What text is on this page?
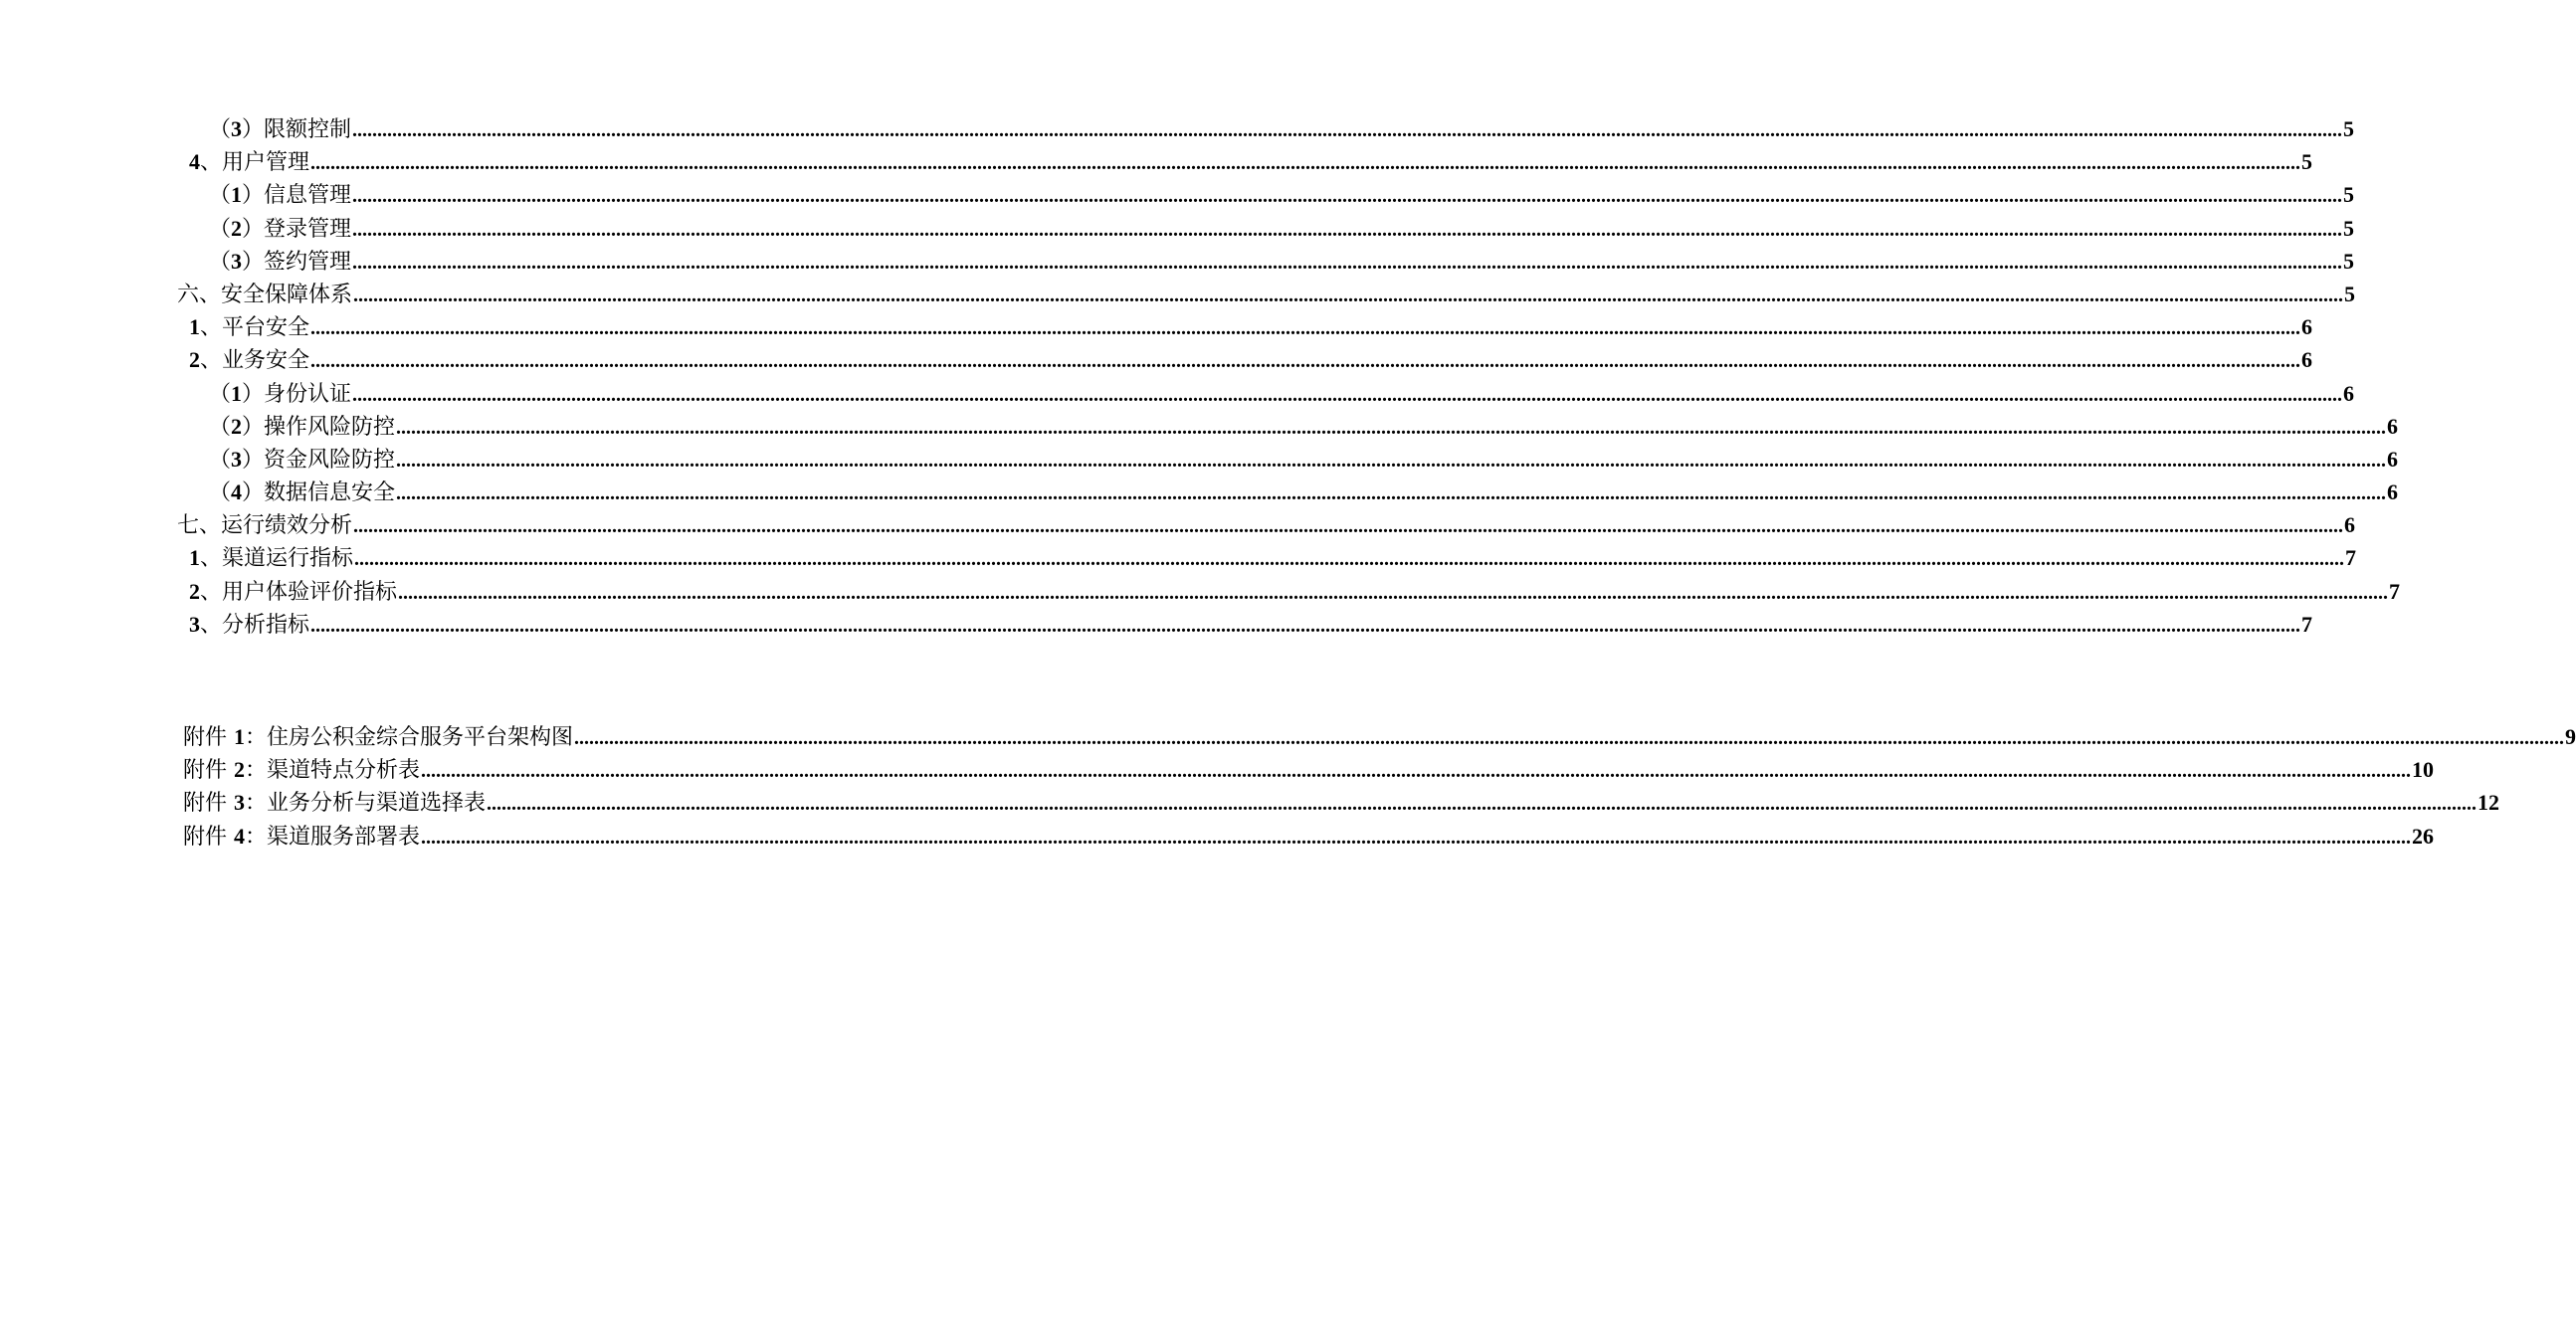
（3）限额控制 ................................................................................................................................................................................................................................................................................................................................................................................................................ 5
4、用户管理 ................................................................................................................................................................................................................................................................................................................................................................................................................ 5
（1）信息管理 ................................................................................................................................................................................................................................................................................................................................................................................................................ 5
（2）登录管理 ................................................................................................................................................................................................................................................................................................................................................................................................................ 5
（3）签约管理 ................................................................................................................................................................................................................................................................................................................................................................................................................ 5
六、安全保障体系 ................................................................................................................................................................................................................................................................................................................................................................................................................ 5
1、平台安全 ................................................................................................................................................................................................................................................................................................................................................................................................................ 6
2、业务安全 ................................................................................................................................................................................................................................................................................................................................................................................................................ 6
（1）身份认证 ................................................................................................................................................................................................................................................................................................................................................................................................................ 6
（2）操作风险防控 ................................................................................................................................................................................................................................................................................................................................................................................................................ 6
（3）资金风险防控 ................................................................................................................................................................................................................................................................................................................................................................................................................ 6
（4）数据信息安全 ................................................................................................................................................................................................................................................................................................................................................................................................................ 6
七、运行绩效分析 ................................................................................................................................................................................................................................................................................................................................................................................................................ 6
1、渠道运行指标 ................................................................................................................................................................................................................................................................................................................................................................................................................ 7
2、用户体验评价指标 ................................................................................................................................................................................................................................................................................................................................................................................................................ 7
3、分析指标 ................................................................................................................................................................................................................................................................................................................................................................................................................ 7
附件 1：住房公积金综合服务平台架构图 ................................................................................................................................................................................................................................................................................................................................................................................................................ 9
附件 2：渠道特点分析表 ................................................................................................................................................................................................................................................................................................................................................................................................................ 10
附件 3：业务分析与渠道选择表 ................................................................................................................................................................................................................................................................................................................................................................................................................ 12
附件 4：渠道服务部署表 ................................................................................................................................................................................................................................................................................................................................................................................................................ 26
